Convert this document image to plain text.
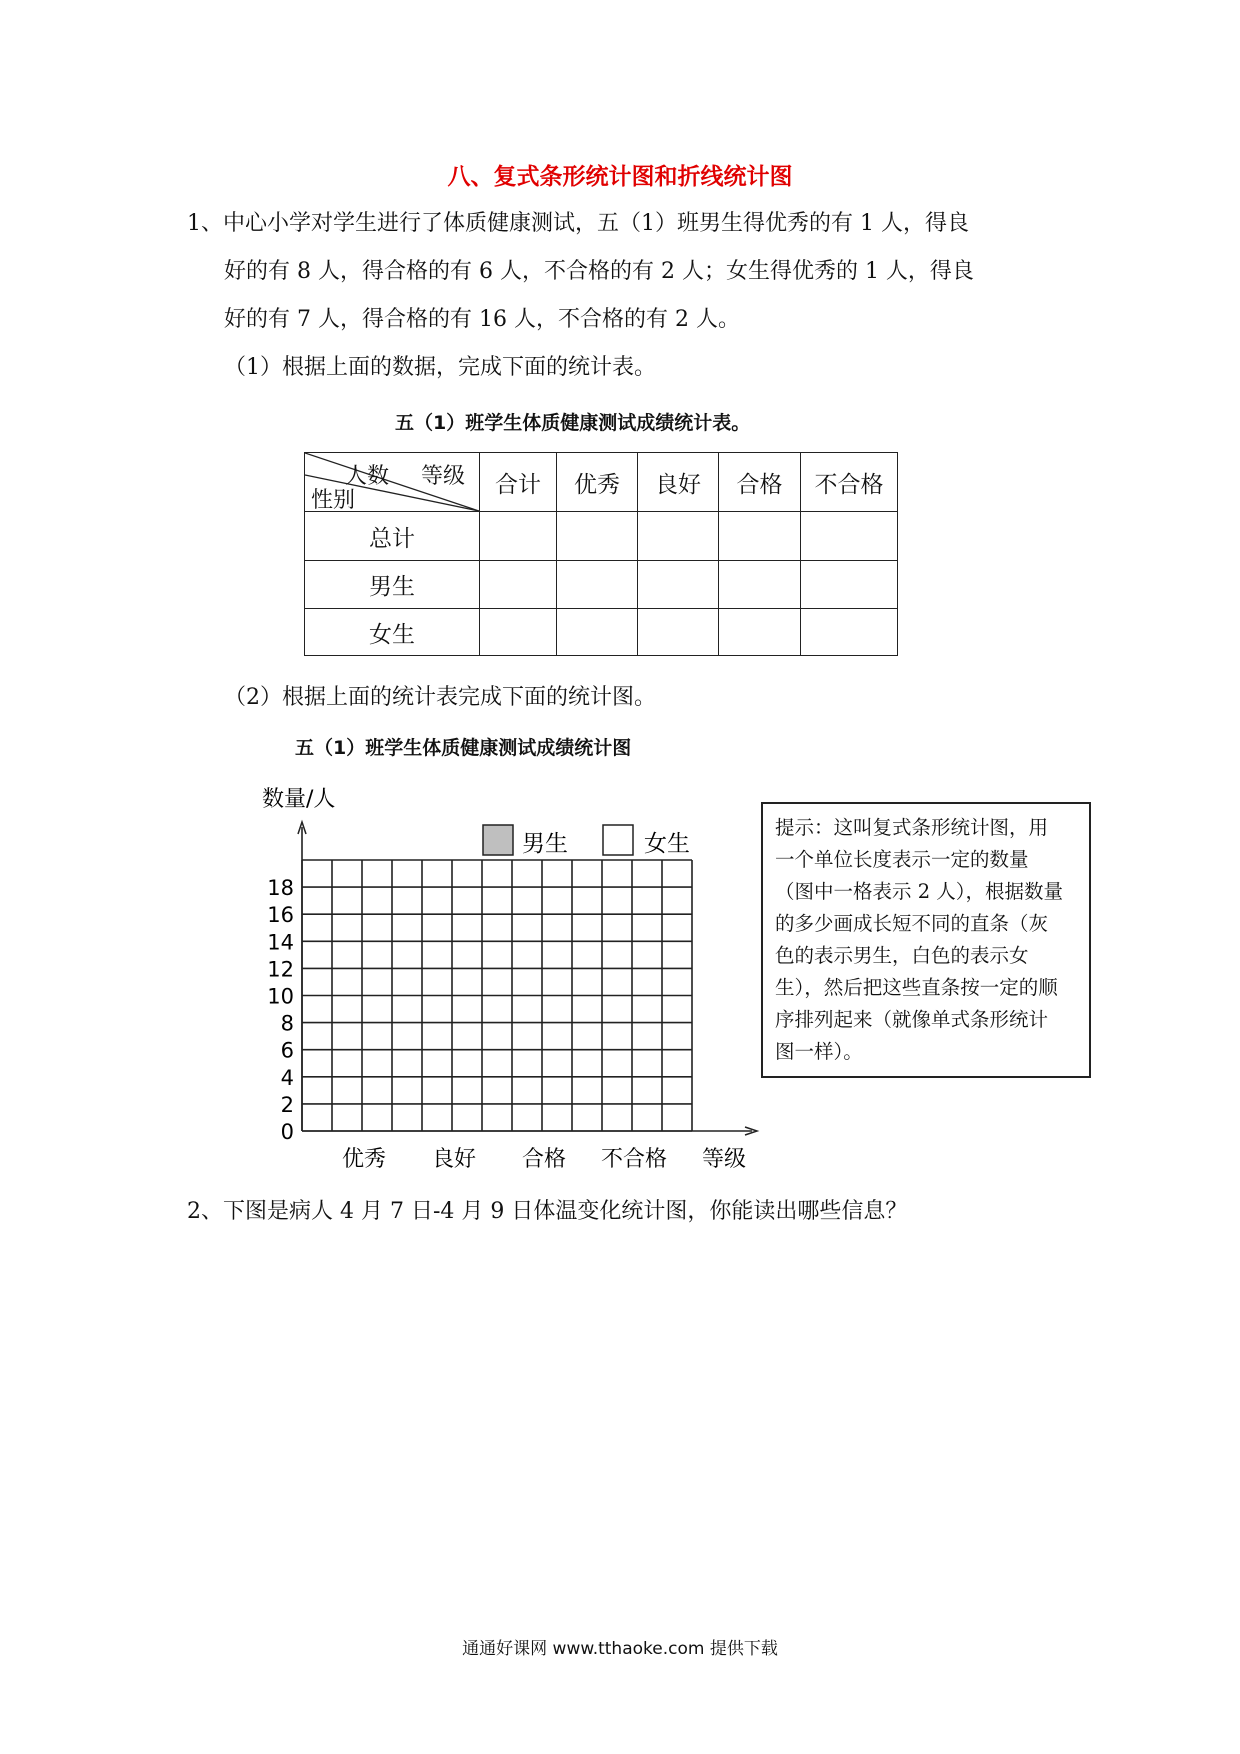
八、复式条形统计图和折线统计图
1、中心小学对学生进行了体质健康测试，五（1）班男生得优秀的有 1 人，得良
好的有 8 人，得合格的有 6 人，不合格的有 2 人；女生得优秀的 1 人，得良
好的有 7 人，得合格的有 16 人，不合格的有 2 人。
（1）根据上面的数据，完成下面的统计表。
五（1）班学生体质健康测试成绩统计表。
人数 等级
性别	合计	优秀	良好	合格	不合格
总计					
男生					
女生					
（2）根据上面的统计表完成下面的统计图。
五（1）班学生体质健康测试成绩统计图
数量/人
等级
男生	女生
0
2
4
6
8
10
12
14
16
18
优秀 良好 合格 不合格
提示：这叫复式条形统计图，用
一个单位长度表示一定的数量
（图中一格表示 2 人），根据数量
的多少画成长短不同的直条（灰
色的表示男生，白色的表示女
生），然后把这些直条按一定的顺
序排列起来（就像单式条形统计
图一样）。
2、下图是病人 4 月 7 日-4 月 9 日体温变化统计图，你能读出哪些信息？
通通好课网 www.tthaoke.com 提供下载
